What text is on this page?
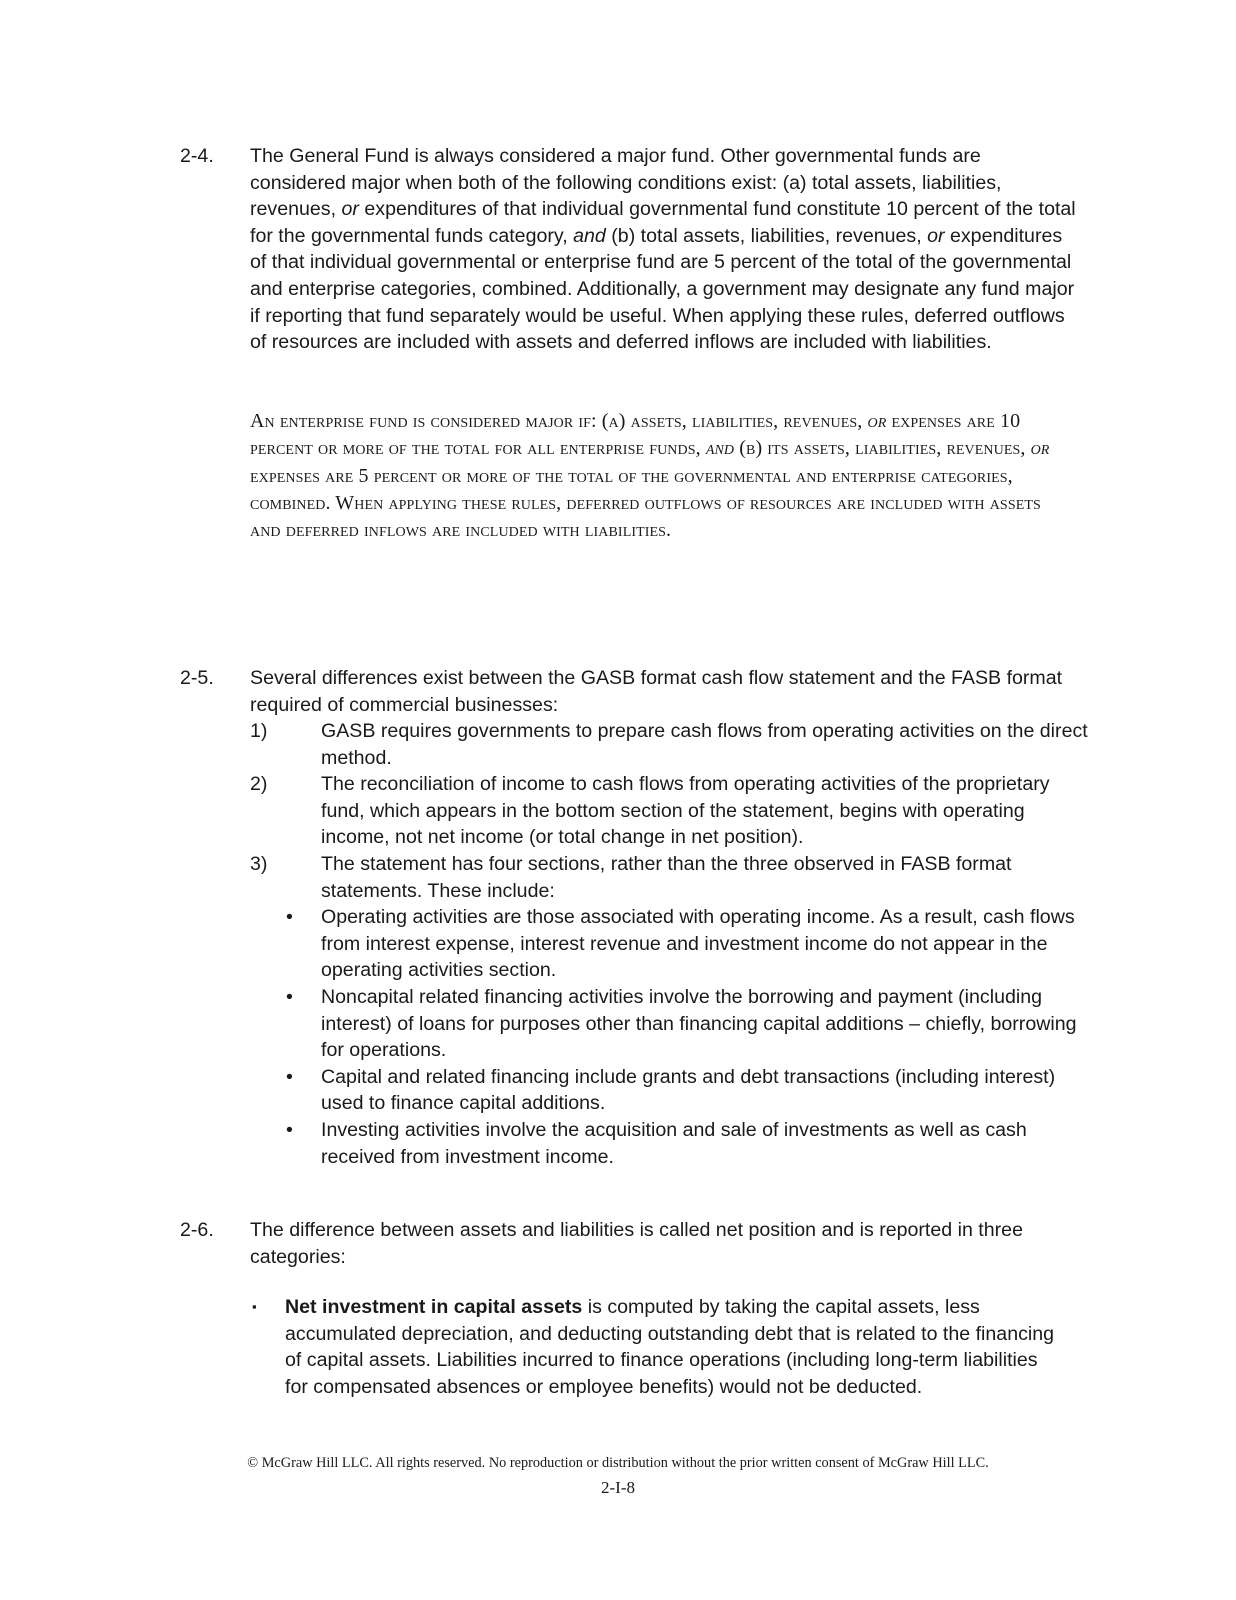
2-4. The General Fund is always considered a major fund. Other governmental funds are considered major when both of the following conditions exist: (a) total assets, liabilities, revenues, or expenditures of that individual governmental fund constitute 10 percent of the total for the governmental funds category, and (b) total assets, liabilities, revenues, or expenditures of that individual governmental or enterprise fund are 5 percent of the total of the governmental and enterprise categories, combined. Additionally, a government may designate any fund major if reporting that fund separately would be useful. When applying these rules, deferred outflows of resources are included with assets and deferred inflows are included with liabilities.

An enterprise fund is considered major if: (a) assets, liabilities, revenues, or expenses are 10 percent or more of the total for all enterprise funds, and (b) its assets, liabilities, revenues, or expenses are 5 percent or more of the total of the governmental and enterprise categories, combined. When applying these rules, deferred outflows of resources are included with assets and deferred inflows are included with liabilities.

2-5. Several differences exist between the GASB format cash flow statement and the FASB format required of commercial businesses:
1)	GASB requires governments to prepare cash flows from operating activities on the direct method.
2)	The reconciliation of income to cash flows from operating activities of the proprietary fund, which appears in the bottom section of the statement, begins with operating income, not net income (or total change in net position).
3)	The statement has four sections, rather than the three observed in FASB format statements. These include:
•	Operating activities are those associated with operating income. As a result, cash flows from interest expense, interest revenue and investment income do not appear in the operating activities section.
•	Noncapital related financing activities involve the borrowing and payment (including interest) of loans for purposes other than financing capital additions – chiefly, borrowing for operations.
•	Capital and related financing include grants and debt transactions (including interest) used to finance capital additions.
•	Investing activities involve the acquisition and sale of investments as well as cash received from investment income.
2-6. The difference between assets and liabilities is called net position and is reported in three categories:
▪	Net investment in capital assets is computed by taking the capital assets, less accumulated depreciation, and deducting outstanding debt that is related to the financing of capital assets. Liabilities incurred to finance operations (including long-term liabilities for compensated absences or employee benefits) would not be deducted.
© McGraw Hill LLC. All rights reserved. No reproduction or distribution without the prior written consent of McGraw Hill LLC.
2-I-8
